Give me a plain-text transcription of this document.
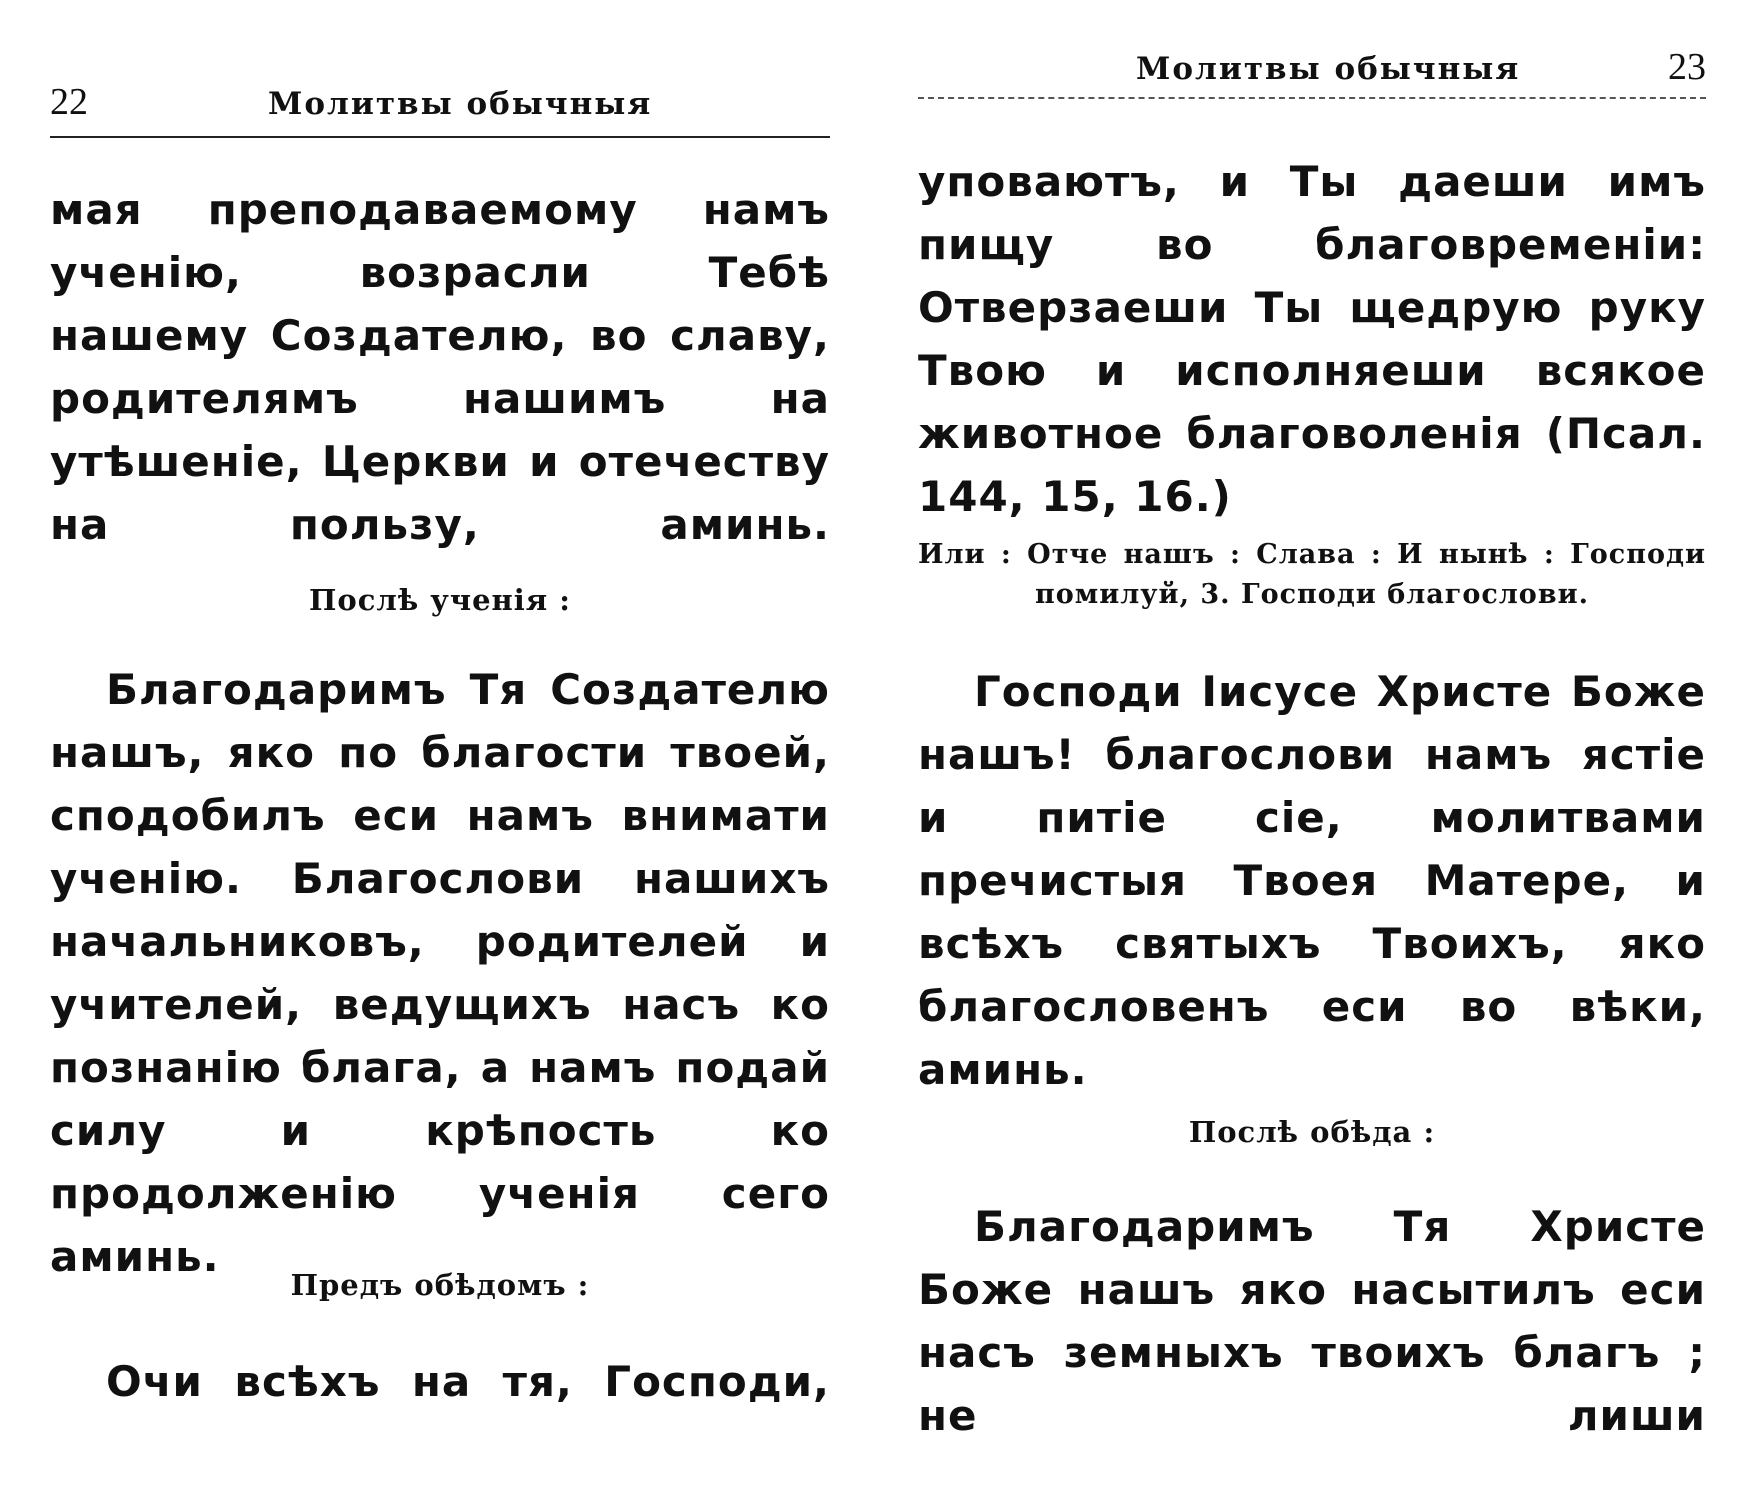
22	Молитвы обычныя

мая преподаваемому намъ ученію, возрасли Тебѣ нашему Создателю, во славу, родителямъ нашимъ на утѣшеніе, Церкви и отечеству на пользу, аминь.

Послѣ ученія :

Благодаримъ Тя Создателю нашъ, яко по благости твоей, сподобилъ еси намъ внимати ученію. Благослови нашихъ начальниковъ, родителей и учителей, ведущихъ насъ ко познанію блага, а намъ подай силу и крѣпость ко продолженію ученія сего аминь.

Предъ обѣдомъ :

Очи всѣхъ на тя, Господи,

Молитвы обычныя	23

уповаютъ, и Ты даеши имъ пищу во благовременіи: Отверзаеши Ты щедрую руку Твою и исполняеши всякое животное благоволенія (Псал. 144, 15, 16.)

Или : Отче нашъ : Слава : И нынѣ : Господи помилуй, 3. Господи благослови.

Господи Іисусе Христе Боже нашъ! благослови намъ ястіе и питіе сіе, молитвами пречистыя Твоея Матере, и всѣхъ святыхъ Твоихъ, яко благословенъ еси во вѣки, аминь.

Послѣ обѣда :

Благодаримъ Тя Христе Боже нашъ яко насытилъ еси насъ земныхъ твоихъ благъ ; не лиши
